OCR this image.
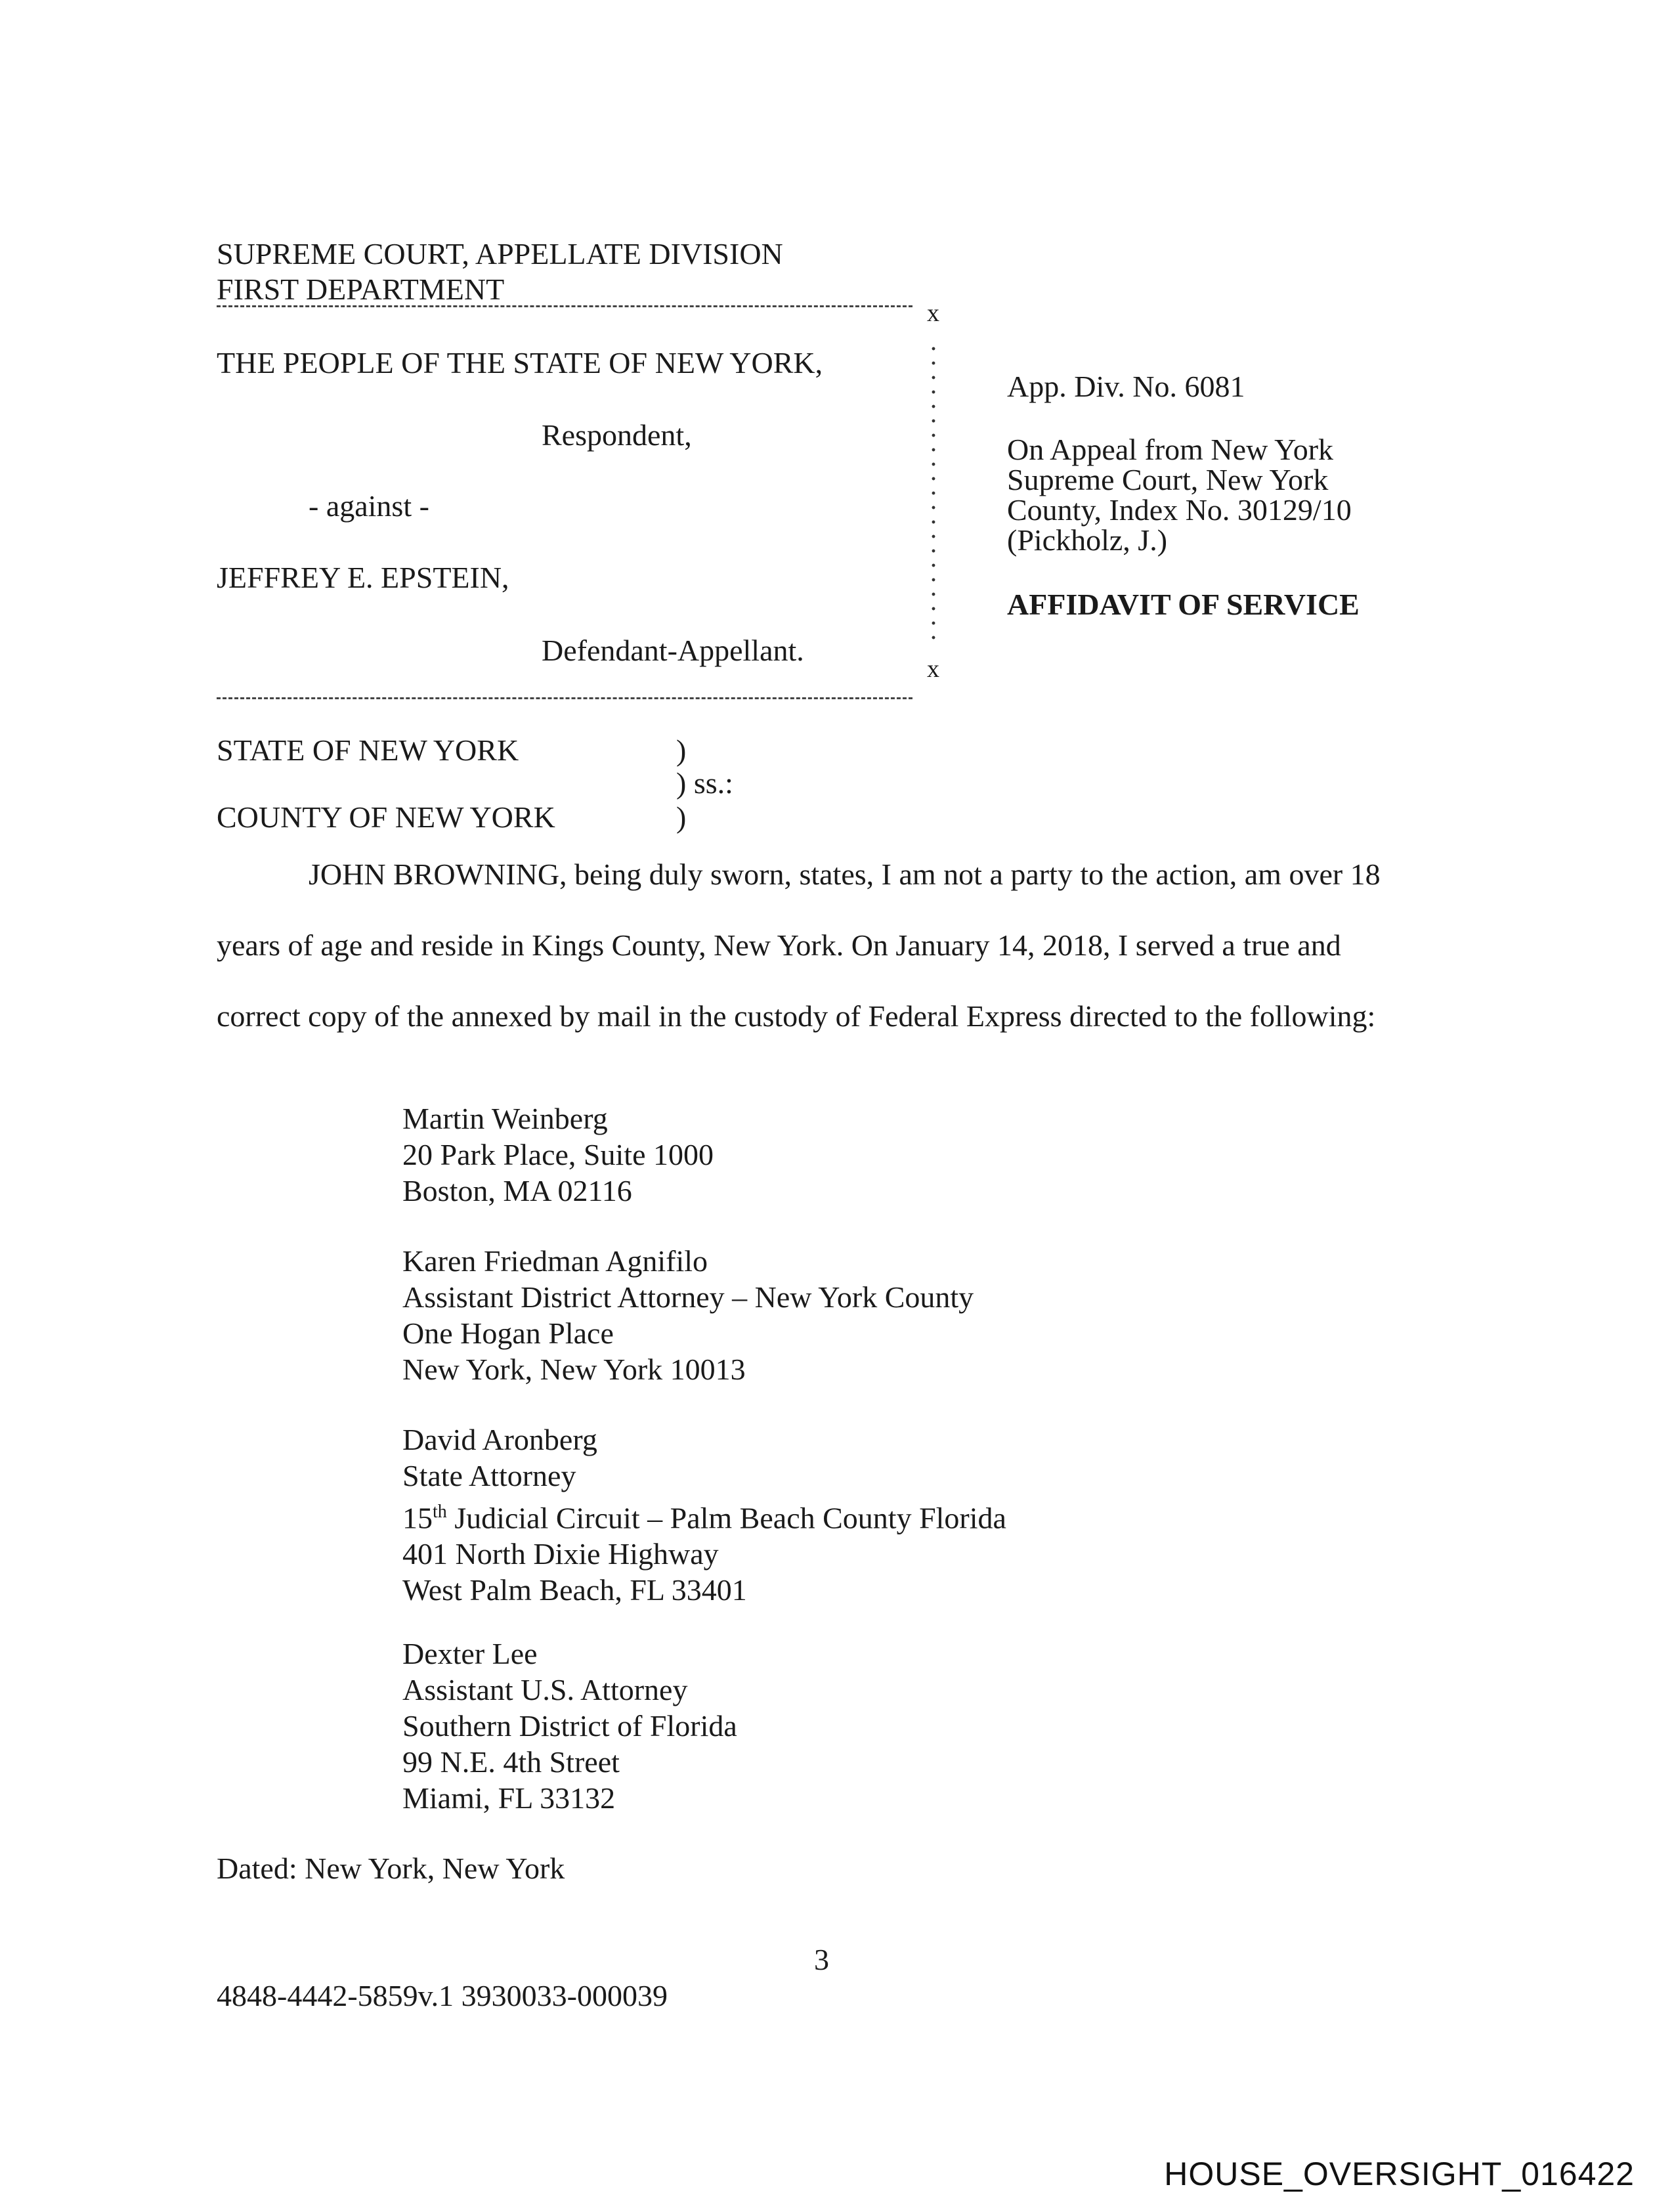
SUPREME COURT, APPELLATE DIVISION
FIRST DEPARTMENT
x
THE PEOPLE OF THE STATE OF NEW YORK,
Respondent,
- against -
JEFFREY E. EPSTEIN,
Defendant-Appellant.
x
App. Div. No. 6081
On Appeal from New York
Supreme Court, New York
County, Index No. 30129/10
(Pickholz, J.)
AFFIDAVIT OF SERVICE
STATE OF NEW YORK	)
) ss.:
COUNTY OF NEW YORK	)
JOHN BROWNING, being duly sworn, states, I am not a party to the action, am over 18
years of age and reside in Kings County, New York. On January 14, 2018, I served a true and
correct copy of the annexed by mail in the custody of Federal Express directed to the following:
Martin Weinberg
20 Park Place, Suite 1000
Boston, MA 02116
Karen Friedman Agnifilo
Assistant District Attorney – New York County
One Hogan Place
New York, New York 10013
David Aronberg
State Attorney
15th Judicial Circuit – Palm Beach County Florida
401 North Dixie Highway
West Palm Beach, FL 33401
Dexter Lee
Assistant U.S. Attorney
Southern District of Florida
99 N.E. 4th Street
Miami, FL 33132
Dated: New York, New York
3
4848-4442-5859v.1 3930033-000039
HOUSE_OVERSIGHT_016422
